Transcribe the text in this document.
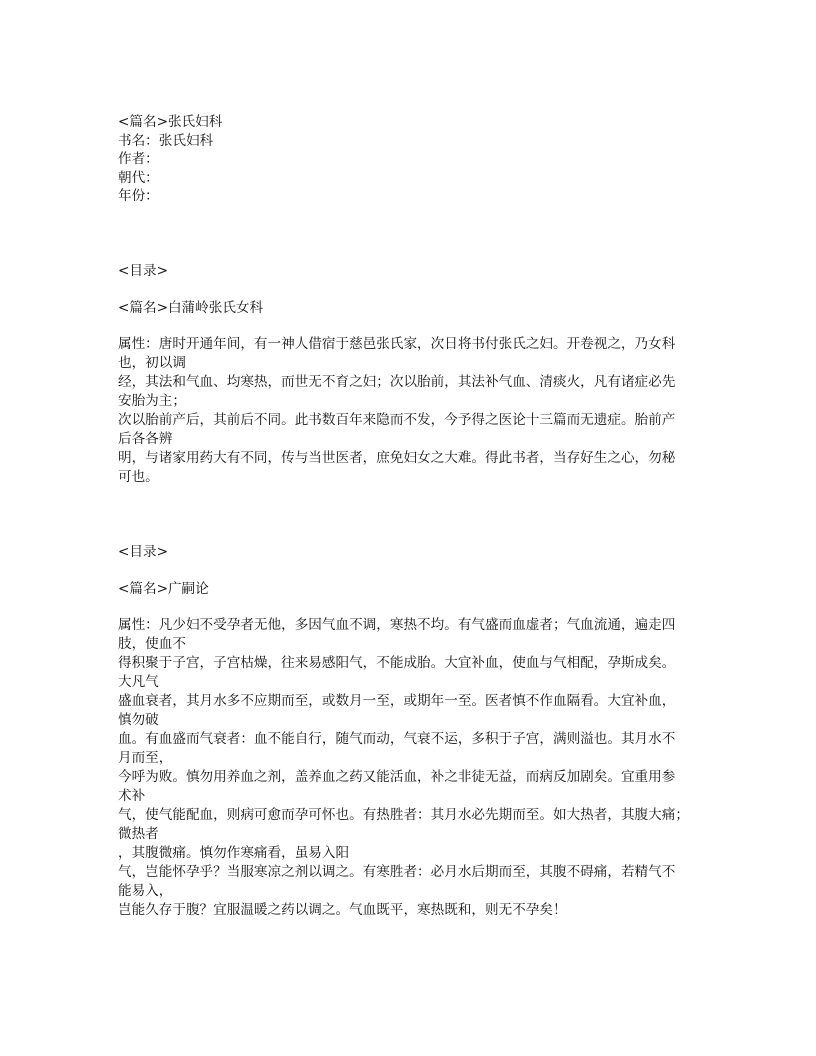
<篇名>张氏妇科
书名：张氏妇科
作者：
朝代：
年份：
<目录>
<篇名>白蒲岭张氏女科
属性：唐时开通年间，有一神人借宿于慈邑张氏家，次日将书付张氏之妇。开卷视之，乃女科
也，初以调
经，其法和气血、均寒热，而世无不育之妇；次以胎前，其法补气血、清痰火，凡有诸症必先
安胎为主；
次以胎前产后，其前后不同。此书数百年来隐而不发，今予得之医论十三篇而无遗症。胎前产
后各各辨
明，与诸家用药大有不同，传与当世医者，庶免妇女之大难。得此书者，当存好生之心，勿秘
可也。
<目录>
<篇名>广嗣论
属性：凡少妇不受孕者无他，多因气血不调，寒热不均。有气盛而血虚者；气血流通，遍走四
肢，使血不
得积聚于子宫，子宫枯燥，往来易感阳气，不能成胎。大宜补血，使血与气相配，孕斯成矣。
大凡气
盛血衰者，其月水多不应期而至，或数月一至，或期年一至。医者慎不作血隔看。大宜补血，
慎勿破
血。有血盛而气衰者：血不能自行，随气而动，气衰不运，多积于子宫，满则溢也。其月水不
月而至，
今呼为败。慎勿用养血之剂，盖养血之药又能活血，补之非徒无益，而病反加剧矣。宜重用参
术补
气，使气能配血，则病可愈而孕可怀也。有热胜者：其月水必先期而至。如大热者，其腹大痛；
微热者
，其腹微痛。慎勿作寒痛看，虽易入阳
气，岂能怀孕乎？当服寒凉之剂以调之。有寒胜者：必月水后期而至，其腹不碍痛，若精气不
能易入，
岂能久存于腹？宜服温暖之药以调之。气血既平，寒热既和，则无不孕矣！
